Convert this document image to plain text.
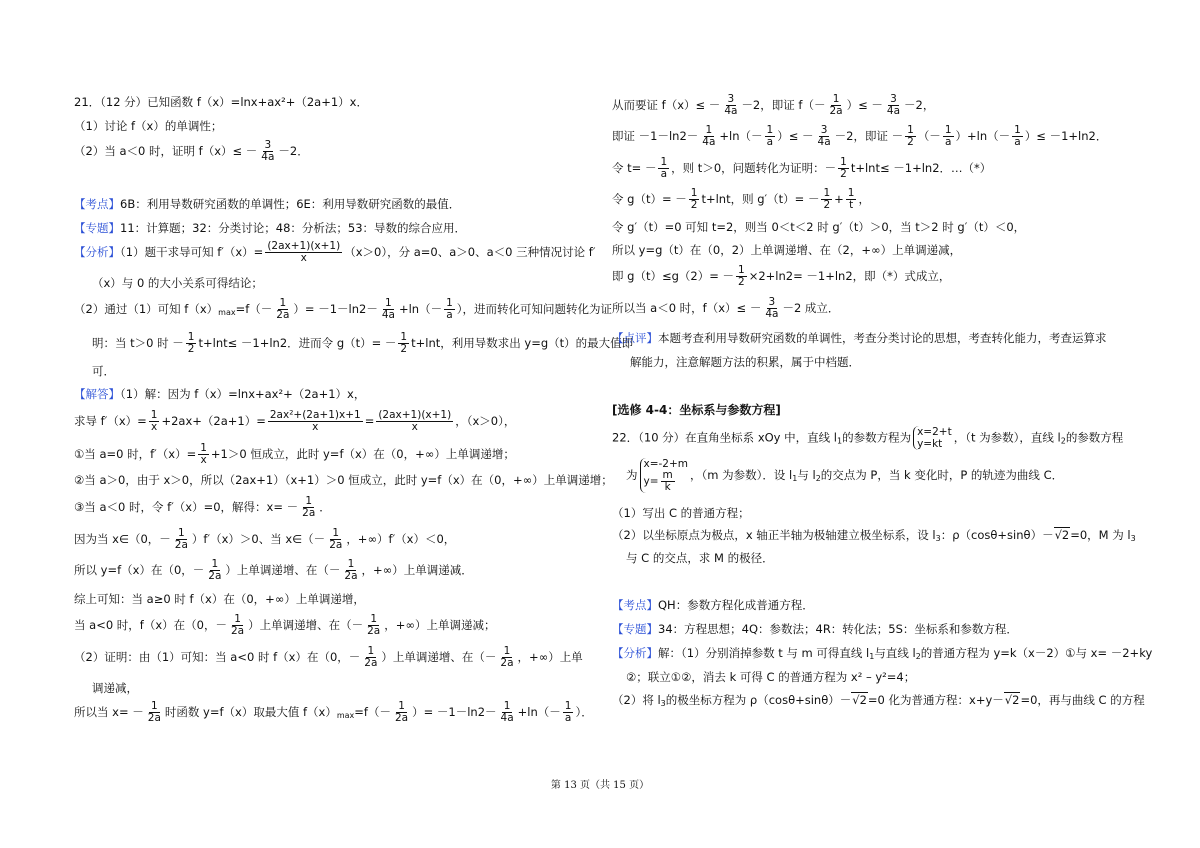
21．（12 分）已知函数 f（x）=lnx+ax²+（2a+1）x．
（1）讨论 f（x）的单调性；
（2）当 a＜0 时，证明 $f(x)\le - \frac{3}{4a} -2$．
【考点】6B：利用导数研究函数的单调性；6E：利用导数研究函数的最值．
【专题】11：计算题；32：分类讨论；48：分析法；53：导数的综合应用．
【分析】（1）题干求导可知 $f'(x)= \frac{(2ax+1)(x+1)}{x} (x>0)$，分 a=0、a＞0、a＜0 三种情况讨论 f′
（x）与 0 的大小关系可得结论；
（2）通过（1）可知 $f(x)_{max}=f(- \frac{1}{2a}$ ）= $-1-\ln 2- \frac{1}{4a} +\ln(- \frac{1}{a}$ ），进而转化可知问题转化为证
明：当 t＞0 时 － $\frac{1}{2} t+\ln t\le -1+\ln 2$．进而令 $g(t)= - \frac{1}{2} t+\ln t$，利用导数求出 y=g（t）的最大值即
可．
【解答】（1）解：因为 f（x）=lnx+ax²+（2a+1）x，
求导 $f'(x)= \frac{1}{x} +2ax+(2a+1)= \frac{\text{2ax²+(2a+1)x+1}}{x} = \frac{(2ax+1)(x+1)}{x}$ ，（x＞0），
①当 a=0 时，$f'(x)= \frac{1}{x} +1>0$ 恒成立，此时 y=f（x）在（0，+∞）上单调递增；
②当 a＞0，由于 x＞0，所以（2ax+1）（x+1）＞0 恒成立，此时 y=f（x）在（0，+∞）上单调递增；
③当 a＜0 时，令 f′（x）=0，解得：$x= - \frac{1}{2a}$ ．
因为当 x∈（0，－ $\frac{1}{2a} )f'(x)>0$、当 x∈（－ $\frac{1}{2a}$ ，+∞）f′（x）＜0，
所以 y=f（x）在（0，－ $\frac{1}{2a}$ ）上单调递增、在（－ $\frac{1}{2a}$ ，+∞）上单调递减．
综上可知：当 a≥0 时 f（x）在（0，+∞）上单调递增，
当 a<0 时，f（x）在（0，－ $\frac{1}{2a}$ ）上单调递增、在（－ $\frac{1}{2a}$ ，+∞）上单调递减；
（2）证明：由（1）可知：当 a<0 时 f（x）在（0，－ $\frac{1}{2a}$ ）上单调递增、在（－ $\frac{1}{2a}$ ，+∞）上单
调递减，
所以当 $x= - \frac{1}{2a}$ 时函数 y=f（x）取最大值 $f(x)_{max}=f(- \frac{1}{2a}$ ）= $-1-\ln 2- \frac{1}{4a} +\ln(- \frac{1}{a}$ ）．
从而要证 $f(x)\le - \frac{3}{4a} -2$，即证 $f(- \frac{1}{2a}$ ）≤ － $\frac{3}{4a} -2$，
即证 $-1-\ln 2- \frac{1}{4a} +\ln(- \frac{1}{a}$ ）≤ － $\frac{3}{4a} -2$，即证 － $\frac{1}{2}$ （－ $\frac{1}{a} )+\ln(- \frac{1}{a}$ ）≤ －1+ln2．
令 $t= - \frac{1}{a}$ ，则 t＞0，问题转化为证明：－ $\frac{1}{2} t+\ln t\le -1+\ln 2$．…（*）
令 $g(t)= - \frac{1}{2} t+\ln t$，则 $g'(t)= - \frac{1}{2} + \frac{1}{t}$ ，
令 g′（t）=0 可知 t=2，则当 0＜t＜2 时 g′（t）＞0，当 t＞2 时 g′（t）＜0，
所以 y=g（t）在（0，2）上单调递增、在（2，+∞）上单调递减，
即 $g(t)\le g(2)= - \frac{1}{2} \times 2+\ln 2= -1+\ln 2$，即（*）式成立，
所以当 a＜0 时，$f(x)\le - \frac{3}{4a} -2$ 成立．
【点评】本题考查利用导数研究函数的单调性，考查分类讨论的思想，考查转化能力，考查运算求
解能力，注意解题方法的积累，属于中档题．
[选修 4-4：坐标系与参数方程]
22．（10 分）在直角坐标系 xOy 中，直线 $l_1$的参数方程为 x=2+t
y=kt ，（t 为参数），直线 $l_2$的参数方程
为x=-2+m
$y= \frac{m}{k}$ ，（m 为参数）．设 $l_1$与 $l_2$的交点为 P，当 k 变化时，P 的轨迹为曲线 C．
（1）写出 C 的普通方程；
（2）以坐标原点为极点，x 轴正半轴为极轴建立极坐标系，设 $l_3$：ρ（cosθ+sinθ）－√2=0，M 为 $l_3$
与 C 的交点，求 M 的极径．
【考点】QH：参数方程化成普通方程．
【专题】34：方程思想；4Q：参数法；4R：转化法；5S：坐标系和参数方程．
【分析】解：（1）分别消掉参数 t 与 m 可得直线 $l_1$与直线 $l_2$的普通方程为 y=k（x－2）①与 x= －2+ky
②；联立①②，消去 k 可得 C 的普通方程为 x² – y²=4；
（2）将 $l_3$的极坐标方程为 ρ（cosθ+sinθ）－√2=0 化为普通方程：x+y－√2=0，再与曲线 C 的方程
第 13 页（共 15 页）
